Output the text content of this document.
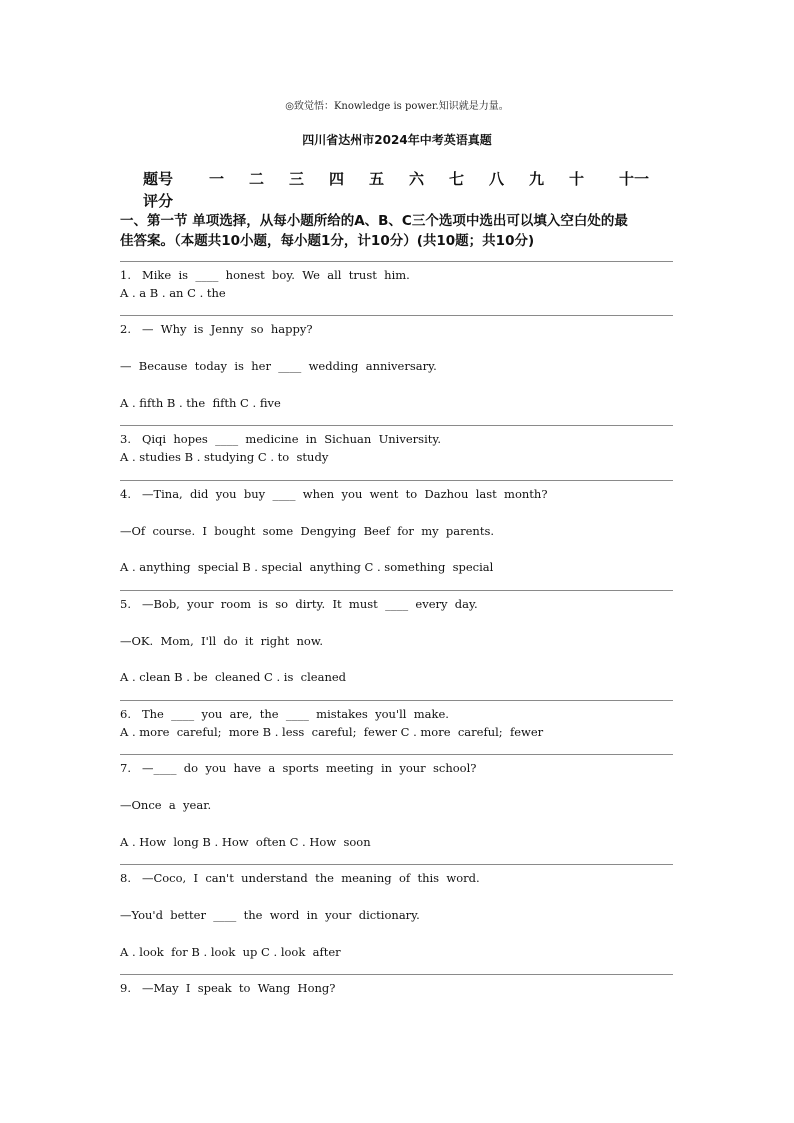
◎致觉悟：Knowledge is power.知识就是力量。
四川省达州市2024年中考英语真题
题号 一 二 三 四 五 六 七 八 九 十 十一
评分
一、第一节 单项选择，从每小题所给的A、B、C三个选项中选出可以填入空白处的最
佳答案。（本题共10小题，每小题1分，计10分）(共10题；共10分)
1.   Mike  is  ____  honest  boy.  We  all  trust  him.
A . a B . an C . the
2.   —  Why  is  Jenny  so  happy?
—  Because  today  is  her  ____  wedding  anniversary.
A . fifth B . the  fifth C . five
3.   Qiqi  hopes  ____  medicine  in  Sichuan  University.
A . studies B . studying C . to  study
4.   —Tina,  did  you  buy  ____  when  you  went  to  Dazhou  last  month?
—Of  course.  I  bought  some  Dengying  Beef  for  my  parents.
A . anything  special B . special  anything C . something  special
5.   —Bob,  your  room  is  so  dirty.  It  must  ____  every  day.
—OK.  Mom,  I'll  do  it  right  now.
A . clean B . be  cleaned C . is  cleaned
6.   The  ____  you  are,  the  ____  mistakes  you'll  make.
A . more  careful;  more B . less  careful;  fewer C . more  careful;  fewer
7.   —____  do  you  have  a  sports  meeting  in  your  school?
—Once  a  year.
A . How  long B . How  often C . How  soon
8.   —Coco,  I  can't  understand  the  meaning  of  this  word.
—You'd  better  ____  the  word  in  your  dictionary.
A . look  for B . look  up C . look  after
9.   —May  I  speak  to  Wang  Hong?
